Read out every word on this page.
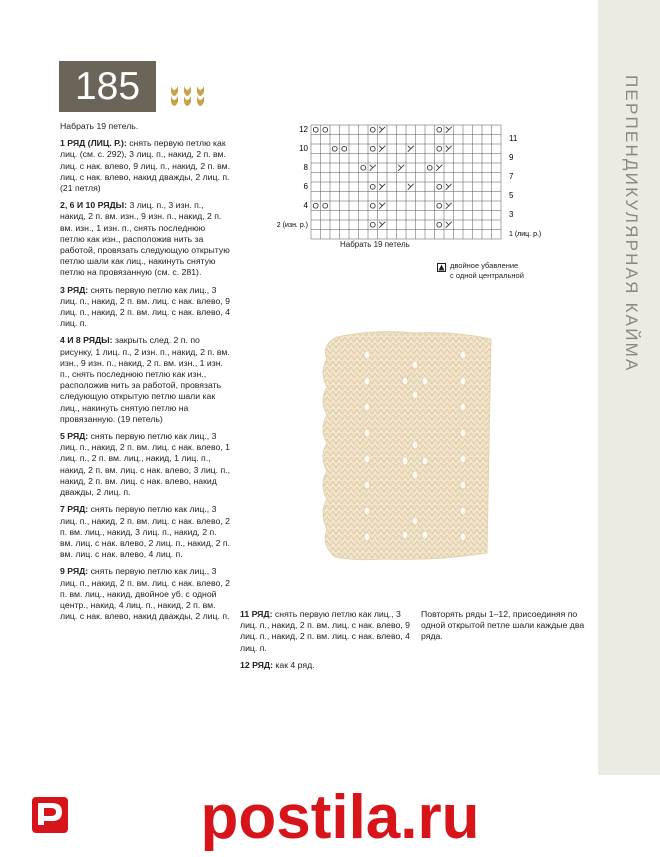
ПЕРПЕНДИКУЛЯРНАЯ КАЙМА
185

Набрать 19 петель.

1 РЯД (ЛИЦ. Р.): снять первую петлю как лиц. (см. с. 292), 3 лиц. п., накид, 2 п. вм. лиц. с нак. влево, 9 лиц. п., накид, 2 п. вм. лиц. с нак. влево, накид дважды, 2 лиц. п. (21 петля)

2, 6 И 10 РЯДЫ: 3 лиц. п., 3 изн. п., накид, 2 п. вм. изн., 9 изн. п., накид, 2 п. вм. изн., 1 изн. п., снять последнюю петлю как изн., расположив нить за работой, провязать следующую открытую петлю шали как лиц., накинуть снятую петлю на провязанную (см. с. 281).

3 РЯД: снять первую петлю как лиц., 3 лиц. п., накид, 2 п. вм. лиц. с нак. влево, 9 лиц. п., накид, 2 п. вм. лиц. с нак. влево, 4 лиц. п.

4 И 8 РЯДЫ: закрыть след. 2 п. по рисунку, 1 лиц. п., 2 изн. п., накид, 2 п. вм. изн., 9 изн. п., накид, 2 п. вм. изн., 1 изн. п., снять последнюю петлю как изн., расположив нить за работой, провязать следующую открытую петлю шали как лиц., накинуть снятую петлю на провязанную. (19 петель)

5 РЯД: снять первую петлю как лиц., 3 лиц. п., накид, 2 п. вм. лиц. с нак. влево, 1 лиц. п., 2 п. вм. лиц., накид, 1 лиц. п., накид, 2 п. вм. лиц. с нак. влево, 3 лиц. п., накид, 2 п. вм. лиц. с нак. влево, накид дважды, 2 лиц. п.

7 РЯД: снять первую петлю как лиц., 3 лиц. п., накид, 2 п. вм. лиц. с нак. влево, 2 п. вм. лиц., накид, 3 лиц. п., накид, 2 п. вм. лиц. с нак. влево, 2 лиц. п., накид, 2 п. вм. лиц. с нак. влево, 4 лиц. п.

9 РЯД: снять первую петлю как лиц., 3 лиц. п., накид, 2 п. вм. лиц. с нак. влево, 2 п. вм. лиц., накид, двойное уб. с одной центр., накид, 4 лиц. п., накид, 2 п. вм. лиц. с нак. влево, накид дважды, 2 лиц. п.

12
10
8
6
4
2 (изн. р.)
11
9
7
5
3
1 (лиц. р.)
Набрать 19 петель
двойное убавление
с одной центральной

11 РЯД: снять первую петлю как лиц., 3 лиц. п., накид, 2 п. вм. лиц. с нак. влево, 9 лиц. п., накид, 2 п. вм. лиц. с нак. влево, 4 лиц. п.

12 РЯД: как 4 ряд.

Повторять ряды 1–12, присоединяя по одной открытой петле шали каждые два ряда.

postila.ru
